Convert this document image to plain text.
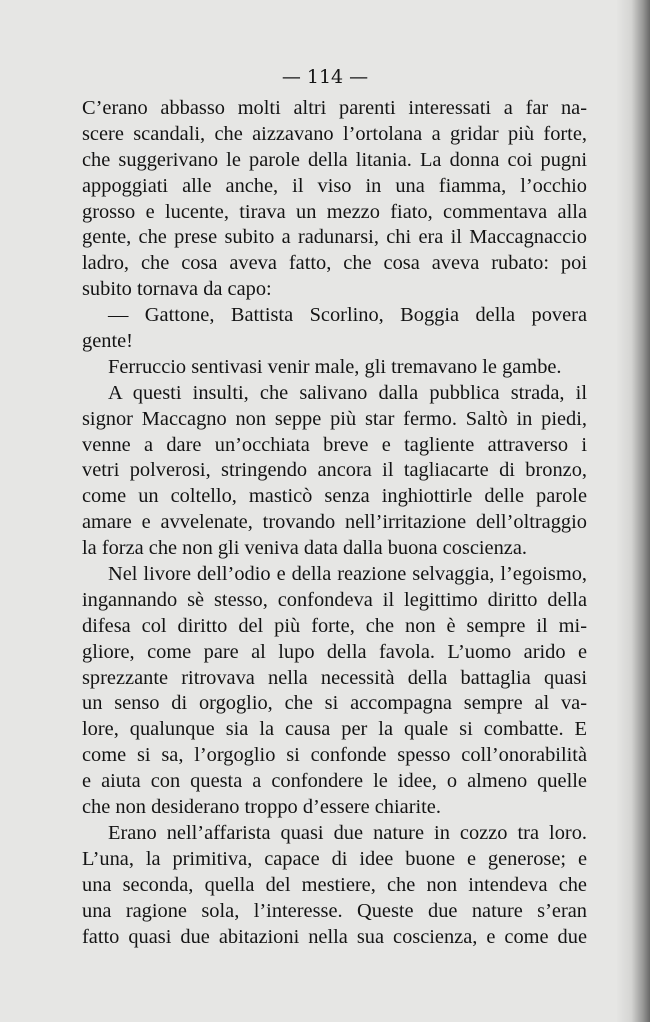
— 114 —
C’erano abbasso molti altri parenti interessati a far na-
scere scandali, che aizzavano l’ortolana a gridar più forte,
che suggerivano le parole della litania. La donna coi pugni
appoggiati alle anche, il viso in una fiamma, l’occhio
grosso e lucente, tirava un mezzo fiato, commentava alla
gente, che prese subito a radunarsi, chi era il Maccagnaccio
ladro, che cosa aveva fatto, che cosa aveva rubato: poi
subito tornava da capo:
— Gattone, Battista Scorlino, Boggia della povera
gente!
Ferruccio sentivasi venir male, gli tremavano le gambe.
A questi insulti, che salivano dalla pubblica strada, il
signor Maccagno non seppe più star fermo. Saltò in piedi,
venne a dare un’occhiata breve e tagliente attraverso i
vetri polverosi, stringendo ancora il tagliacarte di bronzo,
come un coltello, masticò senza inghiottirle delle parole
amare e avvelenate, trovando nell’irritazione dell’oltraggio
la forza che non gli veniva data dalla buona coscienza.
Nel livore dell’odio e della reazione selvaggia, l’egoismo,
ingannando sè stesso, confondeva il legittimo diritto della
difesa col diritto del più forte, che non è sempre il mi-
gliore, come pare al lupo della favola. L’uomo arido e
sprezzante ritrovava nella necessità della battaglia quasi
un senso di orgoglio, che si accompagna sempre al va-
lore, qualunque sia la causa per la quale si combatte. E
come si sa, l’orgoglio si confonde spesso coll’onorabilità
e aiuta con questa a confondere le idee, o almeno quelle
che non desiderano troppo d’essere chiarite.
Erano nell’affarista quasi due nature in cozzo tra loro.
L’una, la primitiva, capace di idee buone e generose; e
una seconda, quella del mestiere, che non intendeva che
una ragione sola, l’interesse. Queste due nature s’eran
fatto quasi due abitazioni nella sua coscienza, e come due
